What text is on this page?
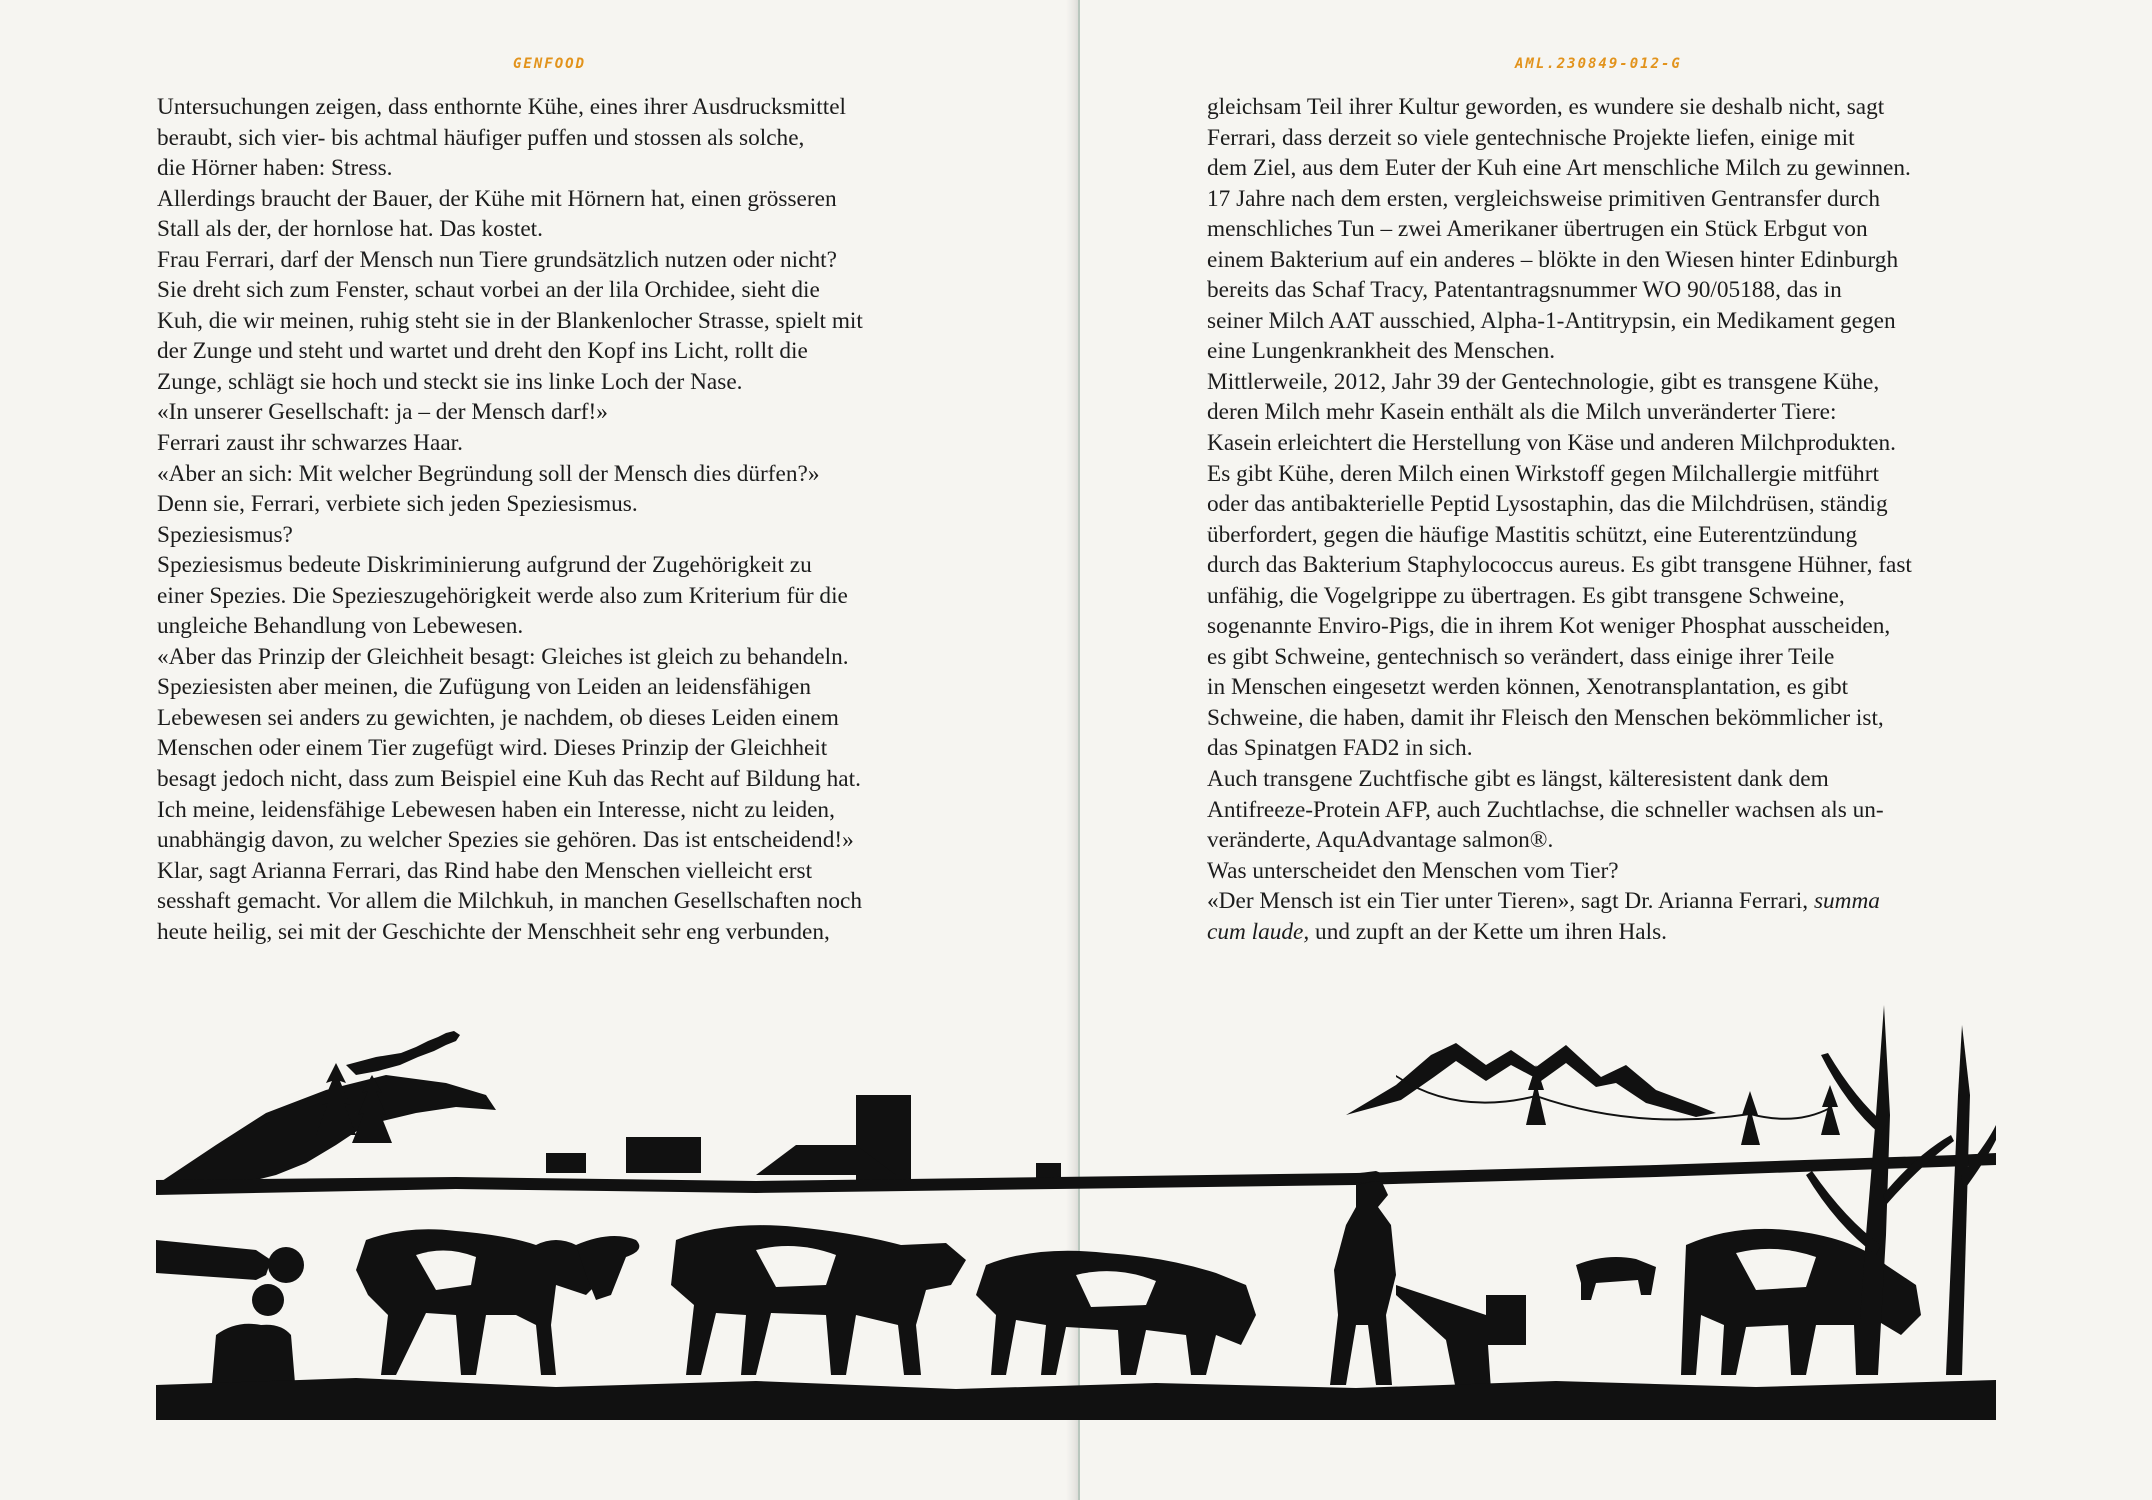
GENFOOD
Untersuchungen zeigen, dass enthornte Kühe, eines ihrer Ausdrucksmittel
beraubt, sich vier- bis achtmal häufiger puffen und stossen als solche,
die Hörner haben: Stress.
Allerdings braucht der Bauer, der Kühe mit Hörnern hat, einen grösseren
Stall als der, der hornlose hat. Das kostet.
Frau Ferrari, darf der Mensch nun Tiere grundsätzlich nutzen oder nicht?
Sie dreht sich zum Fenster, schaut vorbei an der lila Orchidee, sieht die
Kuh, die wir meinen, ruhig steht sie in der Blankenlocher Strasse, spielt mit
der Zunge und steht und wartet und dreht den Kopf ins Licht, rollt die
Zunge, schlägt sie hoch und steckt sie ins linke Loch der Nase.
«In unserer Gesellschaft: ja – der Mensch darf!»
Ferrari zaust ihr schwarzes Haar.
«Aber an sich: Mit welcher Begründung soll der Mensch dies dürfen?»
Denn sie, Ferrari, verbiete sich jeden Speziesismus.
Speziesismus?
Speziesismus bedeute Diskriminierung aufgrund der Zugehörigkeit zu
einer Spezies. Die Spezieszugehörigkeit werde also zum Kriterium für die
ungleiche Behandlung von Lebewesen.
«Aber das Prinzip der Gleichheit besagt: Gleiches ist gleich zu behandeln.
Speziesisten aber meinen, die Zufügung von Leiden an leidensfähigen
Lebewesen sei anders zu gewichten, je nachdem, ob dieses Leiden einem
Menschen oder einem Tier zugefügt wird. Dieses Prinzip der Gleichheit
besagt jedoch nicht, dass zum Beispiel eine Kuh das Recht auf Bildung hat.
Ich meine, leidensfähige Lebewesen haben ein Interesse, nicht zu leiden,
unabhängig davon, zu welcher Spezies sie gehören. Das ist entscheidend!»
Klar, sagt Arianna Ferrari, das Rind habe den Menschen vielleicht erst
sesshaft gemacht. Vor allem die Milchkuh, in manchen Gesellschaften noch
heute heilig, sei mit der Geschichte der Menschheit sehr eng verbunden,
AML.230849-012-G
gleichsam Teil ihrer Kultur geworden, es wundere sie deshalb nicht, sagt
Ferrari, dass derzeit so viele gentechnische Projekte liefen, einige mit
dem Ziel, aus dem Euter der Kuh eine Art menschliche Milch zu gewinnen.
17 Jahre nach dem ersten, vergleichsweise primitiven Gentransfer durch
menschliches Tun – zwei Amerikaner übertrugen ein Stück Erbgut von
einem Bakterium auf ein anderes – blökte in den Wiesen hinter Edinburgh
bereits das Schaf Tracy, Patentantragsnummer WO 90/05188, das in
seiner Milch AAT ausschied, Alpha-1-Antitrypsin, ein Medikament gegen
eine Lungenkrankheit des Menschen.
Mittlerweile, 2012, Jahr 39 der Gentechnologie, gibt es transgene Kühe,
deren Milch mehr Kasein enthält als die Milch unveränderter Tiere:
Kasein erleichtert die Herstellung von Käse und anderen Milchprodukten.
Es gibt Kühe, deren Milch einen Wirkstoff gegen Milchallergie mitführt
oder das antibakterielle Peptid Lysostaphin, das die Milchdrüsen, ständig
überfordert, gegen die häufige Mastitis schützt, eine Euterentzündung
durch das Bakterium Staphylococcus aureus. Es gibt transgene Hühner, fast
unfähig, die Vogelgrippe zu übertragen. Es gibt transgene Schweine,
sogenannte Enviro-Pigs, die in ihrem Kot weniger Phosphat ausscheiden,
es gibt Schweine, gentechnisch so verändert, dass einige ihrer Teile
in Menschen eingesetzt werden können, Xenotransplantation, es gibt
Schweine, die haben, damit ihr Fleisch den Menschen bekömmlicher ist,
das Spinatgen FAD2 in sich.
Auch transgene Zuchtfische gibt es längst, kälteresistent dank dem
Antifreeze-Protein AFP, auch Zuchtlachse, die schneller wachsen als un-
veränderte, AquAdvantage salmon®.
Was unterscheidet den Menschen vom Tier?
«Der Mensch ist ein Tier unter Tieren», sagt Dr. Arianna Ferrari, summa
cum laude, und zupft an der Kette um ihren Hals.
